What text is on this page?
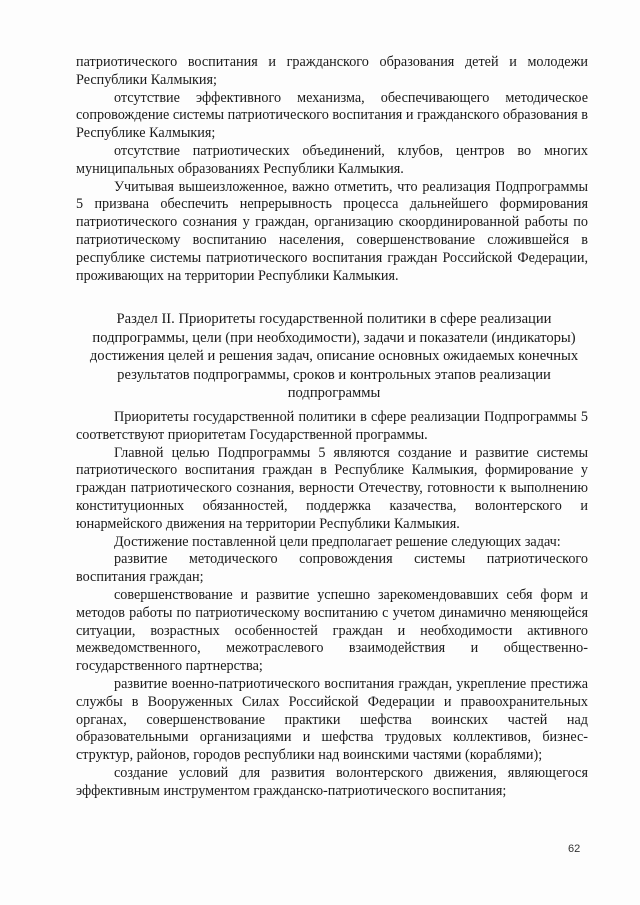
патриотического воспитания и гражданского образования детей и молодежи Республики Калмыкия;

отсутствие эффективного механизма, обеспечивающего методическое сопровождение системы патриотического воспитания и гражданского образования в Республике Калмыкия;

отсутствие патриотических объединений, клубов, центров во многих муниципальных образованиях Республики Калмыкия.

Учитывая вышеизложенное, важно отметить, что реализация Подпрограммы 5 призвана обеспечить непрерывность процесса дальнейшего формирования патриотического сознания у граждан, организацию скоординированной работы по патриотическому воспитанию населения, совершенствование сложившейся в республике системы патриотического воспитания граждан Российской Федерации, проживающих на территории Республики Калмыкия.

Раздел II. Приоритеты государственной политики в сфере реализации подпрограммы, цели (при необходимости), задачи и показатели (индикаторы) достижения целей и решения задач, описание основных ожидаемых конечных результатов подпрограммы, сроков и контрольных этапов реализации подпрограммы

Приоритеты государственной политики в сфере реализации Подпрограммы 5 соответствуют приоритетам Государственной программы.

Главной целью Подпрограммы 5 являются создание и развитие системы патриотического воспитания граждан в Республике Калмыкия, формирование у граждан патриотического сознания, верности Отечеству, готовности к выполнению конституционных обязанностей, поддержка казачества, волонтерского и юнармейского движения на территории Республики Калмыкия.

Достижение поставленной цели предполагает решение следующих задач:

развитие методического сопровождения системы патриотического воспитания граждан;

совершенствование и развитие успешно зарекомендовавших себя форм и методов работы по патриотическому воспитанию с учетом динамично меняющейся ситуации, возрастных особенностей граждан и необходимости активного межведомственного, межотраслевого взаимодействия и общественно-государственного партнерства;

развитие военно-патриотического воспитания граждан, укрепление престижа службы в Вооруженных Силах Российской Федерации и правоохранительных органах, совершенствование практики шефства воинских частей над образовательными организациями и шефства трудовых коллективов, бизнес-структур, районов, городов республики над воинскими частями (кораблями);

создание условий для развития волонтерского движения, являющегося эффективным инструментом гражданско-патриотического воспитания;

62
